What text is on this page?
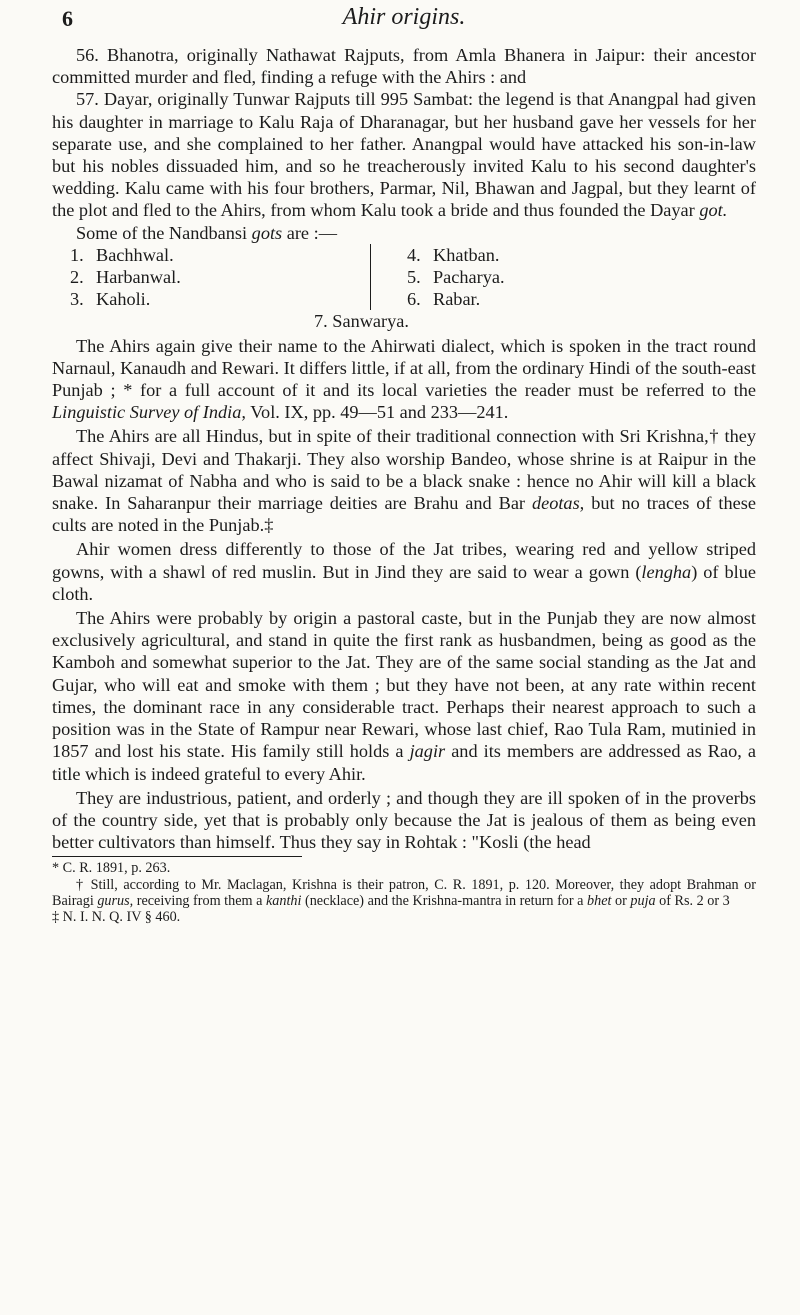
6	Ahir origins.

56. Bhanotra, originally Nathawat Rajputs, from Amla Bhanera in Jaipur: their ancestor committed murder and fled, finding a refuge with the Ahirs : and

57. Dayar, originally Tunwar Rajputs till 995 Sambat: the legend is that Anangpal had given his daughter in marriage to Kalu Raja of Dharanagar, but her husband gave her vessels for her separate use, and she complained to her father. Anangpal would have attacked his son-in-law but his nobles dissuaded him, and so he treacherously invited Kalu to his second daughter's wedding. Kalu came with his four brothers, Parmar, Nil, Bhawan and Jagpal, but they learnt of the plot and fled to the Ahirs, from whom Kalu took a bride and thus founded the Dayar got.

Some of the Nandbansi gots are :—

1. Bachhwal.
2. Harbanwal.
3. Kaholi.
4. Khatban.
5. Pacharya.
6. Rabar.
7. Sanwarya.

The Ahirs again give their name to the Ahirwati dialect, which is spoken in the tract round Narnaul, Kanaudh and Rewari. It differs little, if at all, from the ordinary Hindi of the south-east Punjab ; * for a full account of it and its local varieties the reader must be referred to the Linguistic Survey of India, Vol. IX, pp. 49—51 and 233—241.

The Ahirs are all Hindus, but in spite of their traditional connection with Sri Krishna,† they affect Shivaji, Devi and Thakarji. They also worship Bandeo, whose shrine is at Raipur in the Bawal nizamat of Nabha and who is said to be a black snake : hence no Ahir will kill a black snake. In Saharanpur their marriage deities are Brahu and Bar deotas, but no traces of these cults are noted in the Punjab.‡

Ahir women dress differently to those of the Jat tribes, wearing red and yellow striped gowns, with a shawl of red muslin. But in Jind they are said to wear a gown (lengha) of blue cloth.

The Ahirs were probably by origin a pastoral caste, but in the Punjab they are now almost exclusively agricultural, and stand in quite the first rank as husbandmen, being as good as the Kamboh and somewhat superior to the Jat. They are of the same social standing as the Jat and Gujar, who will eat and smoke with them ; but they have not been, at any rate within recent times, the dominant race in any considerable tract. Perhaps their nearest approach to such a position was in the State of Rampur near Rewari, whose last chief, Rao Tula Ram, mutinied in 1857 and lost his state. His family still holds a jagir and its members are addressed as Rao, a title which is indeed grateful to every Ahir.

They are industrious, patient, and orderly ; and though they are ill spoken of in the proverbs of the country side, yet that is probably only because the Jat is jealous of them as being even better cultivators than himself. Thus they say in Rohtak : "Kosli (the head

* C. R. 1891, p. 263.

† Still, according to Mr. Maclagan, Krishna is their patron, C. R. 1891, p. 120. Moreover, they adopt Brahman or Bairagi gurus, receiving from them a kanthi (necklace) and the Krishna-mantra in return for a bhet or puja of Rs. 2 or 3

‡ N. I. N. Q. IV § 460.
